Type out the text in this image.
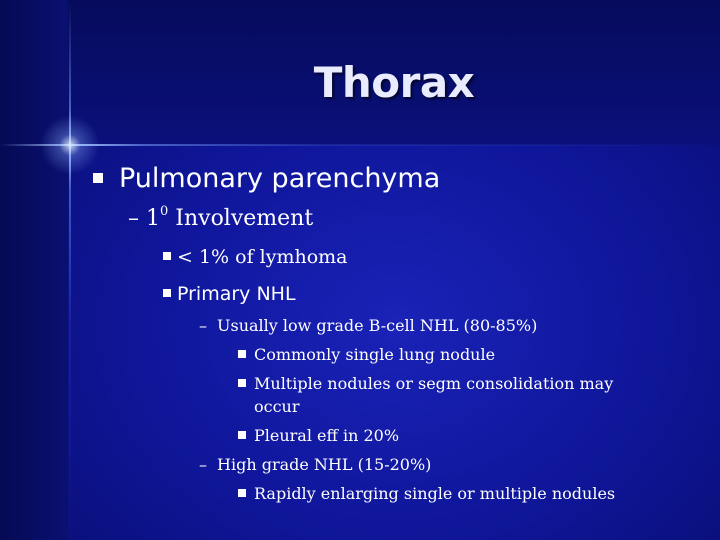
Thorax
Pulmonary parenchyma
– $1^0$ Involvement
< 1% of lymhoma
Primary NHL
– Usually low grade B-cell NHL (80-85%)
Commonly single lung nodule
Multiple nodules or segm consolidation may
occur
Pleural eff in 20%
– High grade NHL (15-20%)
Rapidly enlarging single or multiple nodules
